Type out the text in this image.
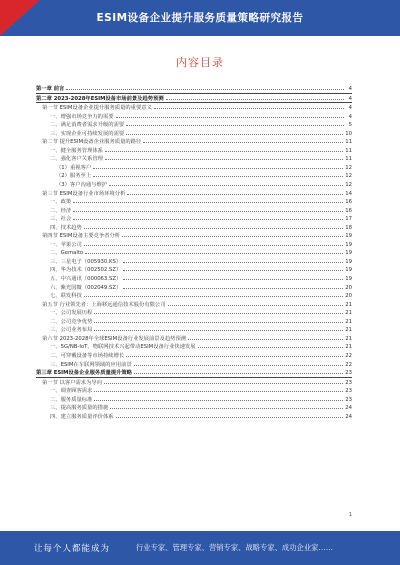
ESIM设备企业提升服务质量策略研究报告
内容目录
第一章 前言	4
第二章 2023-2028年ESIM设备市场前景及趋势预测	4
第一节 ESIM设备企业提升服务质量的重要意义	4
一、增强市场竞争力的需要	4
二、满足消费者需求升级的需要	5
三、实现企业可持续发展的需要	10
第二节 提升ESIM设备企业服务质量的路径	11
一、健全服务管理体系	11
二、强化客户关系管理	11
（1）重视客户	12
（2）服务至上	12
（3）客户沟通与维护	12
第三节 ESIM设备行业市场环境分析	14
一、政策	16
二、经济	16
三、社会	17
四、技术趋势	18
第四节 ESIM设备主要竞争者分析	19
一、苹果公司	19
二、Gemalto	19
三、三星电子（005930.KS）	19
四、华为技术（002502.SZ）	19
五、中兴通讯（000063.SZ）	19
六、紫光国微（002049.SZ）	20
七、联发科技	20
第五节 行业领先者：上海移远通信技术股份有限公司	21
一、公司发展历程	21
二、公司竞争优势	21
三、公司业务布局	21
第六节 2023-2028年全球ESIM设备行业发展前景及趋势预测	21
一、5G/NB-IoT、物联网技术兴起带动ESIM设备行业快速发展	21
二、可穿戴设备等市场持续增长	22
三、ESIM在车联网领域的应用前景	22
第三章 ESIM设备企业服务质量提升策略	23
第一节 以客户需求为导向	23
一、调查顾客需求	23
二、服务质量标准	23
三、提高服务质量的措施	24
四、建立服务质量评价体系	24
1
让每个人都能成为	行业专家、管理专家、营销专家、战略专家、成功企业家……
